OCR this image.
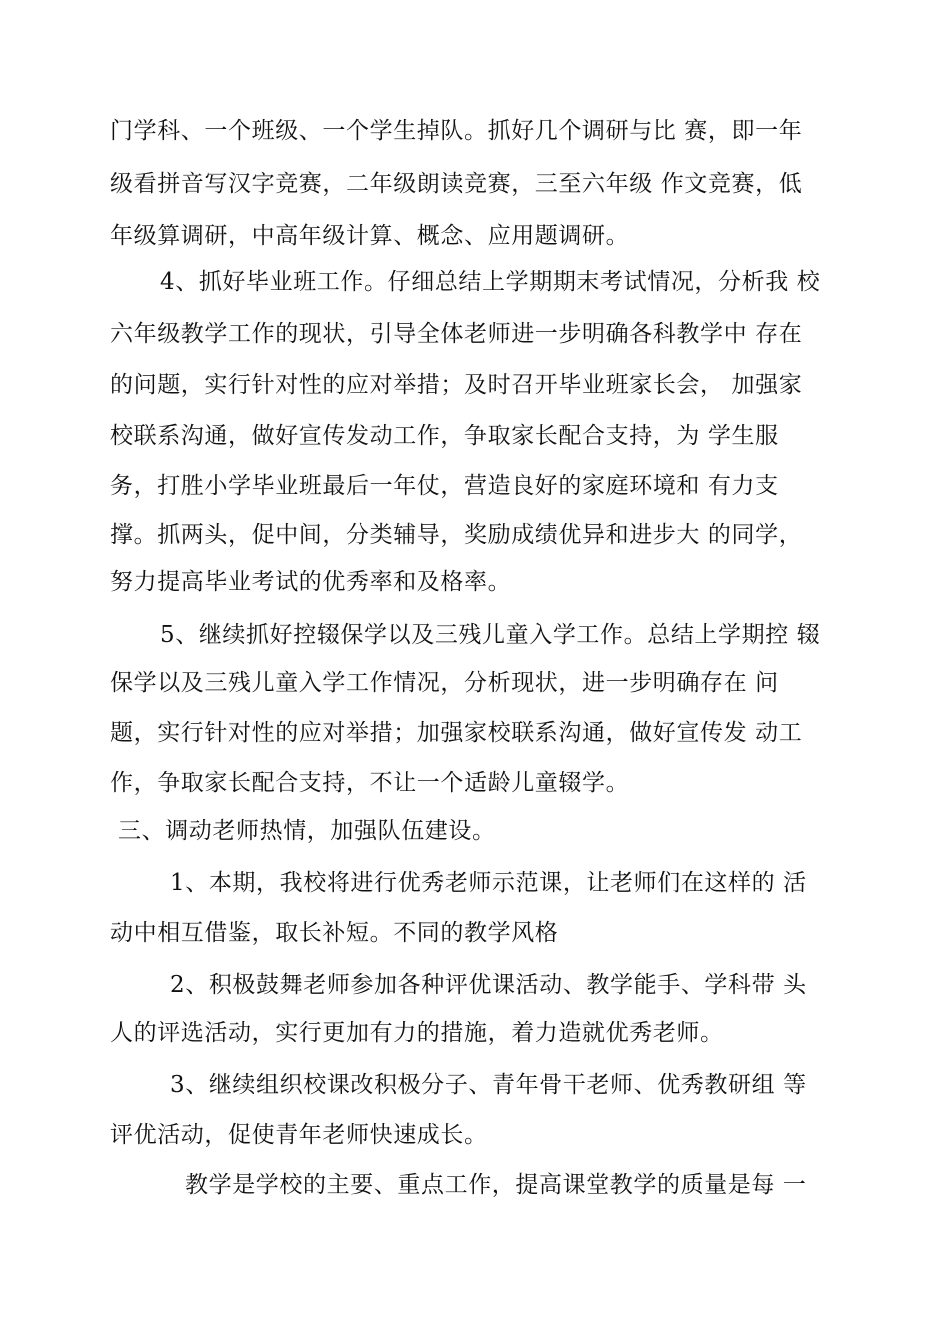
门学科、一个班级、一个学生掉队。抓好几个调研与比 赛，即一年
级看拼音写汉字竞赛，二年级朗读竞赛，三至六年级 作文竞赛，低
年级算调研，中高年级计算、概念、应用题调研。
4、抓好毕业班工作。仔细总结上学期期末考试情况，分析我 校
六年级教学工作的现状，引导全体老师进一步明确各科教学中 存在
的问题，实行针对性的应对举措；及时召开毕业班家长会， 加强家
校联系沟通，做好宣传发动工作，争取家长配合支持，为 学生服
务，打胜小学毕业班最后一年仗，营造良好的家庭环境和 有力支
撑。抓两头，促中间，分类辅导，奖励成绩优异和进步大 的同学，
努力提高毕业考试的优秀率和及格率。
5、继续抓好控辍保学以及三残儿童入学工作。总结上学期控 辍
保学以及三残儿童入学工作情况，分析现状，进一步明确存在 问
题，实行针对性的应对举措；加强家校联系沟通，做好宣传发 动工
作，争取家长配合支持，不让一个适龄儿童辍学。
三、调动老师热情，加强队伍建设。
1、本期，我校将进行优秀老师示范课，让老师们在这样的 活
动中相互借鉴，取长补短。不同的教学风格
2、积极鼓舞老师参加各种评优课活动、教学能手、学科带 头
人的评选活动，实行更加有力的措施，着力造就优秀老师。
3、继续组织校课改积极分子、青年骨干老师、优秀教研组 等
评优活动，促使青年老师快速成长。
教学是学校的主要、重点工作，提高课堂教学的质量是每 一
